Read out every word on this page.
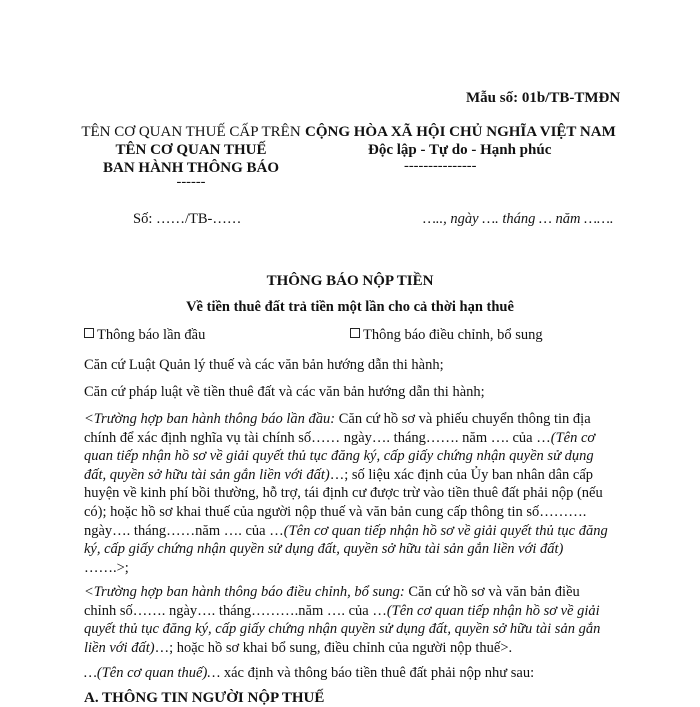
Mẫu số: 01b/TB-TMĐN
TÊN CƠ QUAN THUẾ CẤP TRÊN
TÊN CƠ QUAN THUẾ
BAN HÀNH THÔNG BÁO
------
CỘNG HÒA XÃ HỘI CHỦ NGHĨA VIỆT NAM
Độc lập - Tự do - Hạnh phúc
---------------
Số: ……/TB-……	….., ngày …. tháng … năm …….
THÔNG BÁO NỘP TIỀN
Về tiền thuê đất trả tiền một lần cho cả thời hạn thuê
Thông báo lần đầu	Thông báo điều chỉnh, bổ sung
Căn cứ Luật Quản lý thuế và các văn bản hướng dẫn thi hành;
Căn cứ pháp luật về tiền thuê đất và các văn bản hướng dẫn thi hành;
<Trường hợp ban hành thông báo lần đầu: Căn cứ hồ sơ và phiếu chuyển thông tin địa
chính để xác định nghĩa vụ tài chính số…… ngày…. tháng……. năm …. của …(Tên cơ
quan tiếp nhận hồ sơ về giải quyết thủ tục đăng ký, cấp giấy chứng nhận quyền sử dụng
đất, quyền sở hữu tài sản gắn liền với đất)…; số liệu xác định của Ủy ban nhân dân cấp
huyện về kinh phí bồi thường, hỗ trợ, tái định cư được trừ vào tiền thuê đất phải nộp (nếu
có); hoặc hồ sơ khai thuế của người nộp thuế và văn bản cung cấp thông tin số……….
ngày…. tháng……năm …. của …(Tên cơ quan tiếp nhận hồ sơ về giải quyết thủ tục đăng
ký, cấp giấy chứng nhận quyền sử dụng đất, quyền sở hữu tài sản gắn liền với đất)
…….>;
<Trường hợp ban hành thông báo điều chỉnh, bổ sung: Căn cứ hồ sơ và văn bản điều
chỉnh số……. ngày…. tháng……….năm …. của …(Tên cơ quan tiếp nhận hồ sơ về giải
quyết thủ tục đăng ký, cấp giấy chứng nhận quyền sử dụng đất, quyền sở hữu tài sản gắn
liền với đất)…; hoặc hồ sơ khai bổ sung, điều chỉnh của người nộp thuế>.
…(Tên cơ quan thuế)… xác định và thông báo tiền thuê đất phải nộp như sau:
A. THÔNG TIN NGƯỜI NỘP THUẾ
